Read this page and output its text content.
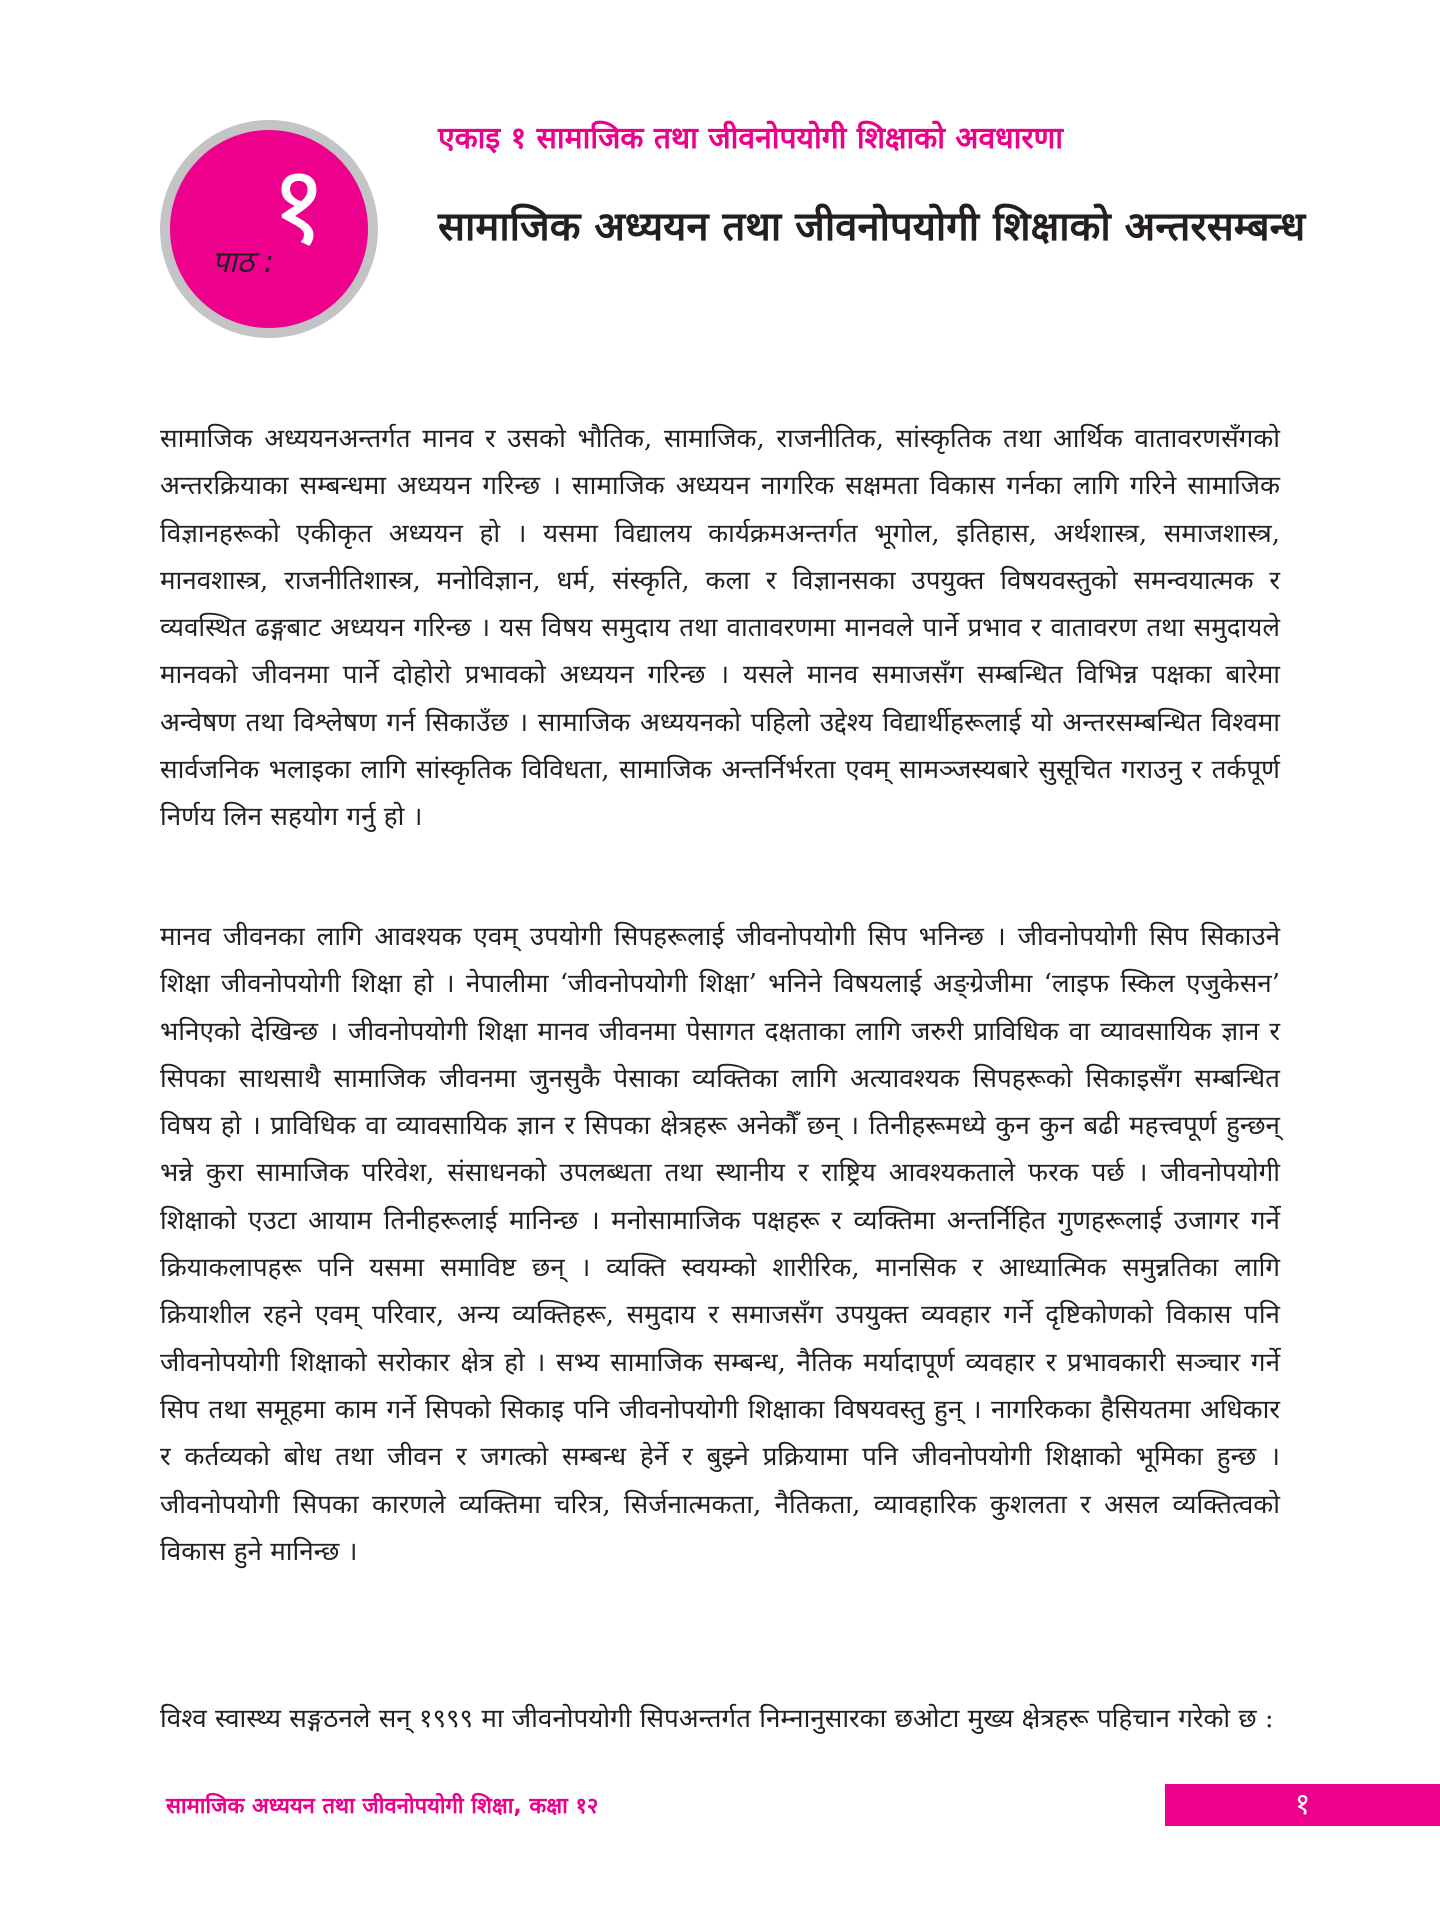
पाठ :
१
एकाइ १ सामाजिक तथा जीवनोपयोगी शिक्षाको अवधारणा
सामाजिक अध्ययन तथा जीवनोपयोगी शिक्षाको अन्तरसम्बन्ध

सामाजिक अध्ययनअन्तर्गत मानव र उसको भौतिक, सामाजिक, राजनीतिक, सांस्कृतिक तथा आर्थिक वातावरणसँगको अन्तरक्रियाका सम्बन्धमा अध्ययन गरिन्छ । सामाजिक अध्ययन नागरिक सक्षमता विकास गर्नका लागि गरिने सामाजिक विज्ञानहरूको एकीकृत अध्ययन हो । यसमा विद्यालय कार्यक्रमअन्तर्गत भूगोल, इतिहास, अर्थशास्त्र, समाजशास्त्र, मानवशास्त्र, राजनीतिशास्त्र, मनोविज्ञान, धर्म, संस्कृति, कला र विज्ञानसका उपयुक्त विषयवस्तुको समन्वयात्मक र व्यवस्थित ढङ्गबाट अध्ययन गरिन्छ । यस विषय समुदाय तथा वातावरणमा मानवले पार्ने प्रभाव र वातावरण तथा समुदायले मानवको जीवनमा पार्ने दोहोरो प्रभावको अध्ययन गरिन्छ । यसले मानव समाजसँग सम्बन्धित विभिन्न पक्षका बारेमा अन्वेषण तथा विश्लेषण गर्न सिकाउँछ । सामाजिक अध्ययनको पहिलो उद्देश्य विद्यार्थीहरूलाई यो अन्तरसम्बन्धित विश्वमा सार्वजनिक भलाइका लागि सांस्कृतिक विविधता, सामाजिक अन्तर्निर्भरता एवम् सामञ्जस्यबारे सुसूचित गराउनु र तर्कपूर्ण निर्णय लिन सहयोग गर्नु हो ।

मानव जीवनका लागि आवश्यक एवम् उपयोगी सिपहरूलाई जीवनोपयोगी सिप भनिन्छ । जीवनोपयोगी सिप सिकाउने शिक्षा जीवनोपयोगी शिक्षा हो । नेपालीमा ‘जीवनोपयोगी शिक्षा’ भनिने विषयलाई अङ्ग्रेजीमा ‘लाइफ स्किल एजुकेसन’ भनिएको देखिन्छ । जीवनोपयोगी शिक्षा मानव जीवनमा पेसागत दक्षताका लागि जरुरी प्राविधिक वा व्यावसायिक ज्ञान र सिपका साथसाथै सामाजिक जीवनमा जुनसुकै पेसाका व्यक्तिका लागि अत्यावश्यक सिपहरूको सिकाइसँग सम्बन्धित विषय हो । प्राविधिक वा व्यावसायिक ज्ञान र सिपका क्षेत्रहरू अनेकौँ छन् । तिनीहरूमध्ये कुन कुन बढी महत्त्वपूर्ण हुन्छन् भन्ने कुरा सामाजिक परिवेश, संसाधनको उपलब्धता तथा स्थानीय र राष्ट्रिय आवश्यकताले फरक पर्छ । जीवनोपयोगी शिक्षाको एउटा आयाम तिनीहरूलाई मानिन्छ । मनोसामाजिक पक्षहरू र व्यक्तिमा अन्तर्निहित गुणहरूलाई उजागर गर्ने क्रियाकलापहरू पनि यसमा समाविष्ट छन् । व्यक्ति स्वयम्को शारीरिक, मानसिक र आध्यात्मिक समुन्नतिका लागि क्रियाशील रहने एवम् परिवार, अन्य व्यक्तिहरू, समुदाय र समाजसँग उपयुक्त व्यवहार गर्ने दृष्टिकोणको विकास पनि जीवनोपयोगी शिक्षाको सरोकार क्षेत्र हो । सभ्य सामाजिक सम्बन्ध, नैतिक मर्यादापूर्ण व्यवहार र प्रभावकारी सञ्चार गर्ने सिप तथा समूहमा काम गर्ने सिपको सिकाइ पनि जीवनोपयोगी शिक्षाका विषयवस्तु हुन् । नागरिकका हैसियतमा अधिकार र कर्तव्यको बोध तथा जीवन र जगत्को सम्बन्ध हेर्ने र बुझ्ने प्रक्रियामा पनि जीवनोपयोगी शिक्षाको भूमिका हुन्छ । जीवनोपयोगी सिपका कारणले व्यक्तिमा चरित्र, सिर्जनात्मकता, नैतिकता, व्यावहारिक कुशलता र असल व्यक्तित्वको विकास हुने मानिन्छ ।

विश्व स्वास्थ्य सङ्गठनले सन् १९९९ मा जीवनोपयोगी सिपअन्तर्गत निम्नानुसारका छओटा मुख्य क्षेत्रहरू पहिचान गरेको छ :

सामाजिक अध्ययन तथा जीवनोपयोगी शिक्षा, कक्षा १२	१
